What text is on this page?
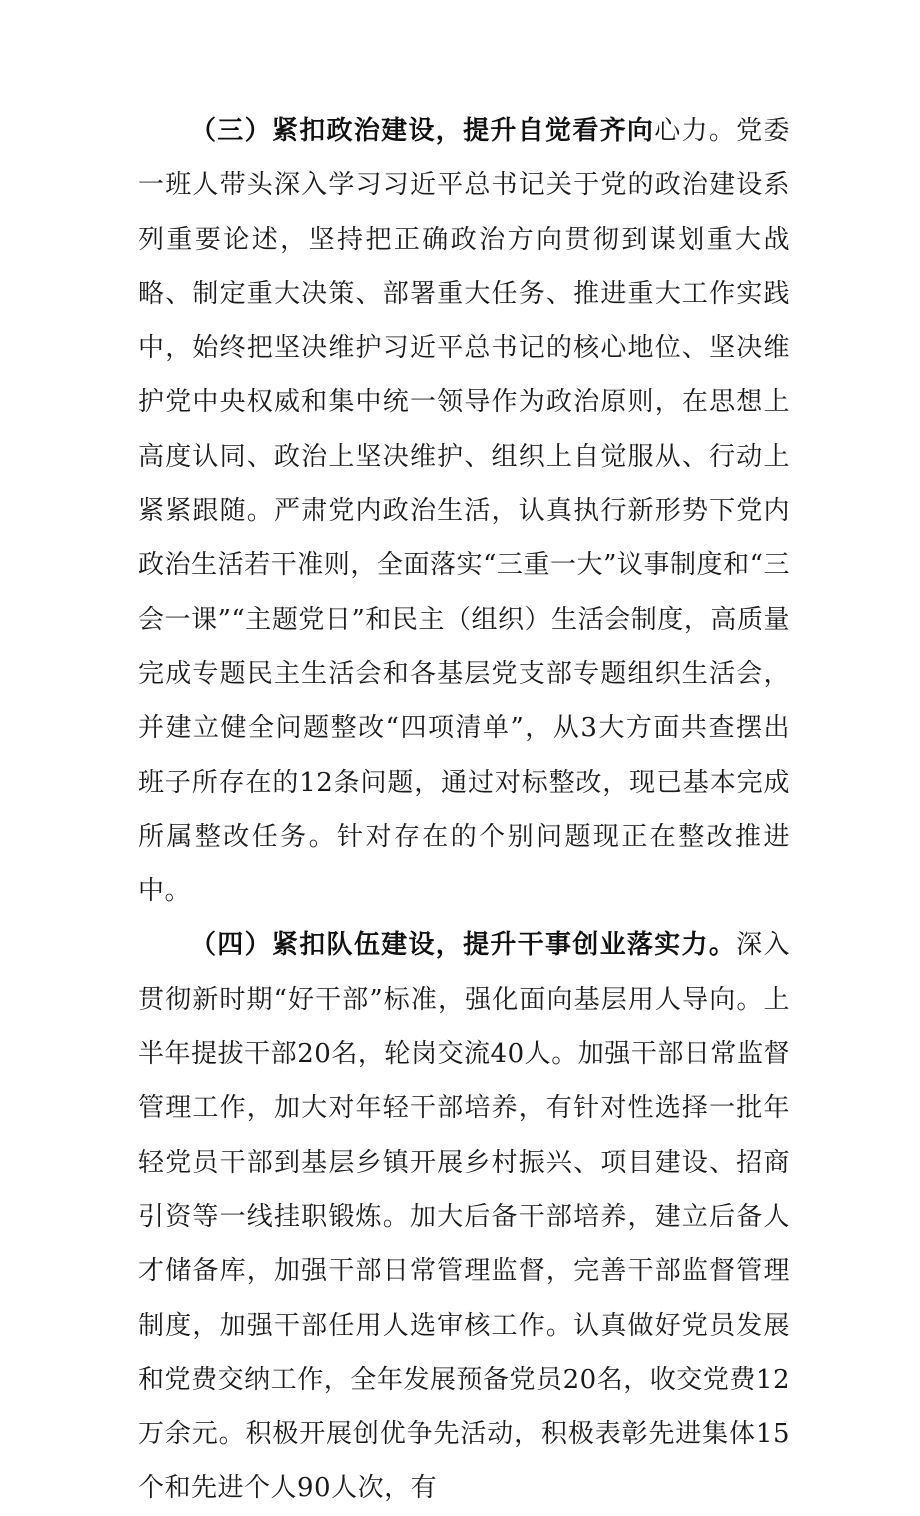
（三）紧扣政治建设，提升自觉看齐向心力。党委一班人带头深入学习习近平总书记关于党的政治建设系列重要论述，坚持把正确政治方向贯彻到谋划重大战略、制定重大决策、部署重大任务、推进重大工作实践中，始终把坚决维护习近平总书记的核心地位、坚决维护党中央权威和集中统一领导作为政治原则，在思想上高度认同、政治上坚决维护、组织上自觉服从、行动上紧紧跟随。严肃党内政治生活，认真执行新形势下党内政治生活若干准则，全面落实“三重一大”议事制度和“三会一课”“主题党日”和民主（组织）生活会制度，高质量完成专题民主生活会和各基层党支部专题组织生活会，并建立健全问题整改“四项清单”，从3大方面共查摆出班子所存在的12条问题，通过对标整改，现已基本完成所属整改任务。针对存在的个别问题现正在整改推进中。

（四）紧扣队伍建设，提升干事创业落实力。深入贯彻新时期“好干部”标准，强化面向基层用人导向。上半年提拔干部20名，轮岗交流40人。加强干部日常监督管理工作，加大对年轻干部培养，有针对性选择一批年轻党员干部到基层乡镇开展乡村振兴、项目建设、招商引资等一线挂职锻炼。加大后备干部培养，建立后备人才储备库，加强干部日常管理监督，完善干部监督管理制度，加强干部任用人选审核工作。认真做好党员发展和党费交纳工作，全年发展预备党员20名，收交党费12万余元。积极开展创优争先活动，积极表彰先进集体15个和先进个人90人次，有
